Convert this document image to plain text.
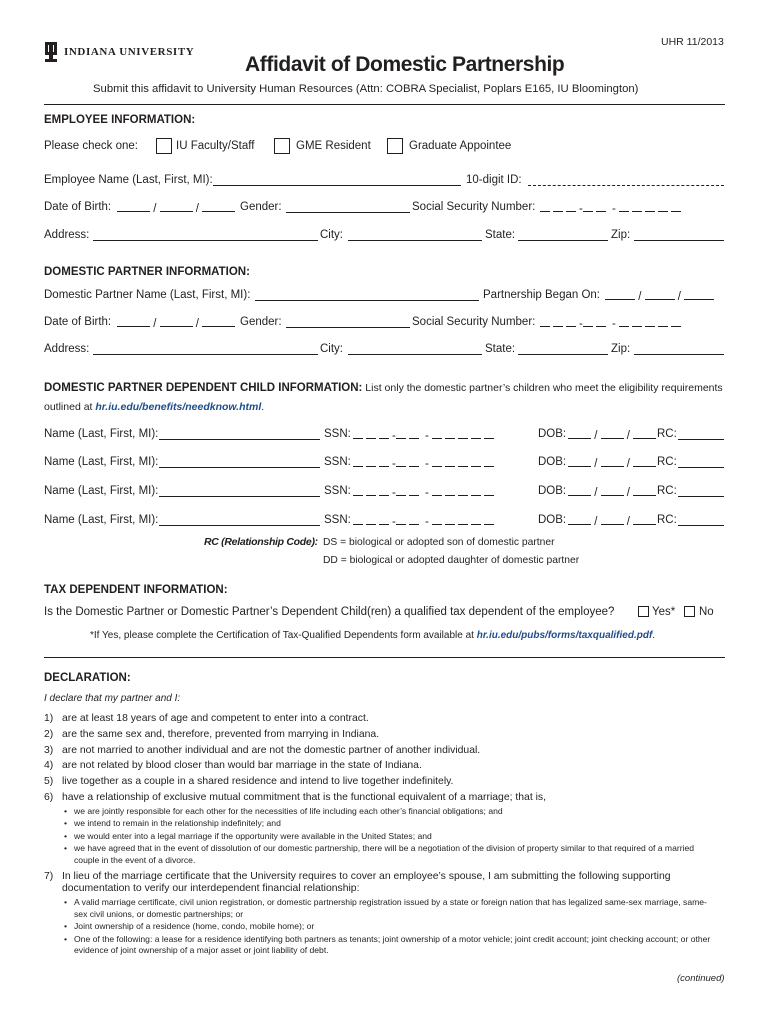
UHR 11/2013
INDIANA UNIVERSITY
Affidavit of Domestic Partnership
Submit this affidavit to University Human Resources (Attn: COBRA Specialist, Poplars E165, IU Bloomington)
EMPLOYEE INFORMATION:
Please check one:	IU Faculty/Staff	GME Resident	Graduate Appointee
Employee Name (Last, First, MI):	10-digit ID:
Date of Birth:	/	/	Gender:	Social Security Number:	- -
Address:	City:	State:	Zip:
DOMESTIC PARTNER INFORMATION:
Domestic Partner Name (Last, First, MI):	Partnership Began On:	/	/
Date of Birth:	/	/	Gender:	Social Security Number:	- -
Address:	City:	State:	Zip:
DOMESTIC PARTNER DEPENDENT CHILD INFORMATION: List only the domestic partner’s children who meet the eligibility requirements
outlined at hr.iu.edu/benefits/needknow.html.
Name (Last, First, MI):	SSN:	- -	DOB:	/  /	RC:
Name (Last, First, MI):	SSN:	- -	DOB:	/  /	RC:
Name (Last, First, MI):	SSN:	- -	DOB:	/  /	RC:
Name (Last, First, MI):	SSN:	- -	DOB:	/  /	RC:
RC (Relationship Code): DS = biological or adopted son of domestic partner
DD = biological or adopted daughter of domestic partner
TAX DEPENDENT INFORMATION:
Is the Domestic Partner or Domestic Partner’s Dependent Child(ren) a qualified tax dependent of the employee?	Yes* No
*If Yes, please complete the Certification of Tax-Qualified Dependents form available at hr.iu.edu/pubs/forms/taxqualified.pdf.
DECLARATION:
I declare that my partner and I:
1) are at least 18 years of age and competent to enter into a contract.
2) are the same sex and, therefore, prevented from marrying in Indiana.
3) are not married to another individual and are not the domestic partner of another individual.
4) are not related by blood closer than would bar marriage in the state of Indiana.
5) live together as a couple in a shared residence and intend to live together indefinitely.
6) have a relationship of exclusive mutual commitment that is the functional equivalent of a marriage; that is,
• we are jointly responsible for each other for the necessities of life including each other’s financial obligations; and
• we intend to remain in the relationship indefinitely; and
• we would enter into a legal marriage if the opportunity were available in the United States; and
• we have agreed that in the event of dissolution of our domestic partnership, there will be a negotiation of the division of property similar to that required of a married couple in the event of a divorce.
7) In lieu of the marriage certificate that the University requires to cover an employee’s spouse, I am submitting the following supporting documentation to verify our interdependent financial relationship:
• A valid marriage certificate, civil union registration, or domestic partnership registration issued by a state or foreign nation that has legalized same-sex marriage, same-sex civil unions, or domestic partnerships; or
• Joint ownership of a residence (home, condo, mobile home); or
• One of the following: a lease for a residence identifying both partners as tenants; joint ownership of a motor vehicle; joint credit account; joint checking account; or other evidence of joint ownership of a major asset or joint liability of debt.
(continued)
